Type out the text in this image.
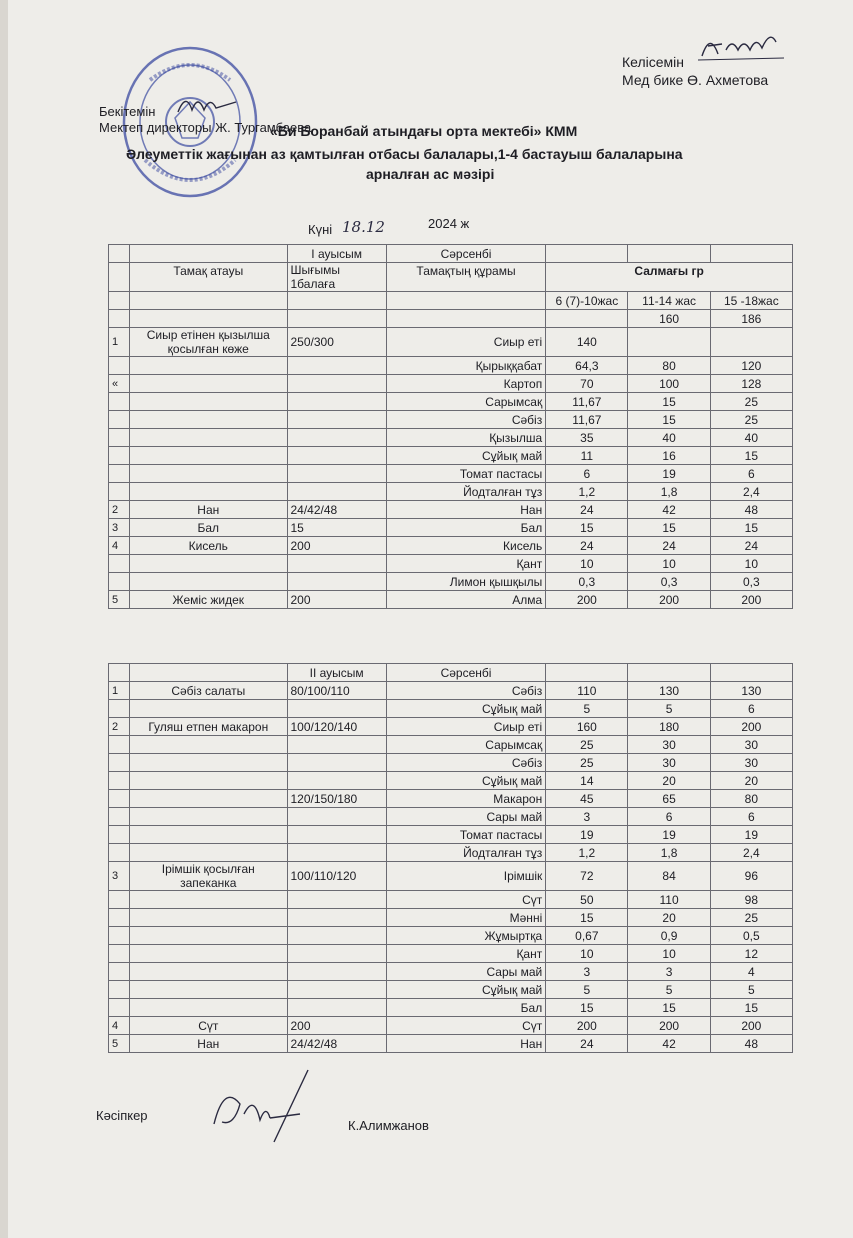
Бекітемін
Мектеп директоры Ж. Тургамбаева
Келісемін
Мед бике Ө. Ахметова
«Би Боранбай атындағы орта мектебі» КММ
Әлеуметтік жағынан аз қамтылған отбасы балалары,1-4 бастауыш балаларына
арналған ас мәзірі
Күні 18.12	2024 ж
		I ауысым	Сәрсенбі			
	Тамақ атауы	Шығымы 1балаға	Тамақтың құрамы	Салмағы гр		
				6 (7)-10жас	11-14 жас	15 -18жас
					160	186
1	Сиыр етінен қызылша қосылған көже	250/300	Сиыр еті	140		
			Қырыққабат	64,3	80	120
«			Картоп	70	100	128
			Сарымсақ	11,67	15	25
			Сәбіз	11,67	15	25
			Қызылша	35	40	40
			Сұйық май	11	16	15
			Томат пастасы	6	19	6
			Йодталған тұз	1,2	1,8	2,4
2	Нан	24/42/48	Нан	24	42	48
3	Бал	15	Бал	15	15	15
4	Кисель	200	Кисель	24	24	24
			Қант	10	10	10
			Лимон қышқылы	0,3	0,3	0,3
5	Жеміс жидек	200	Алма	200	200	200
		II ауысым	Сәрсенбі			
1	Сәбіз салаты	80/100/110	Сәбіз	110	130	130
			Сұйық май	5	5	6
2	Гуляш етпен макарон	100/120/140	Сиыр еті	160	180	200
			Сарымсақ	25	30	30
			Сәбіз	25	30	30
			Сұйық май	14	20	20
		120/150/180	Макарон	45	65	80
			Сары май	3	6	6
			Томат пастасы	19	19	19
			Йодталған тұз	1,2	1,8	2,4
3	Ірімшік қосылған запеканка	100/110/120	Ірімшік	72	84	96
			Сүт	50	110	98
			Мәнні	15	20	25
			Жұмыртқа	0,67	0,9	0,5
			Қант	10	10	12
			Сары май	3	3	4
			Сұйық май	5	5	5
			Бал	15	15	15
4	Сүт	200	Сүт	200	200	200
5	Нан	24/42/48	Нан	24	42	48
Кәсіпкер
К.Алимжанов
